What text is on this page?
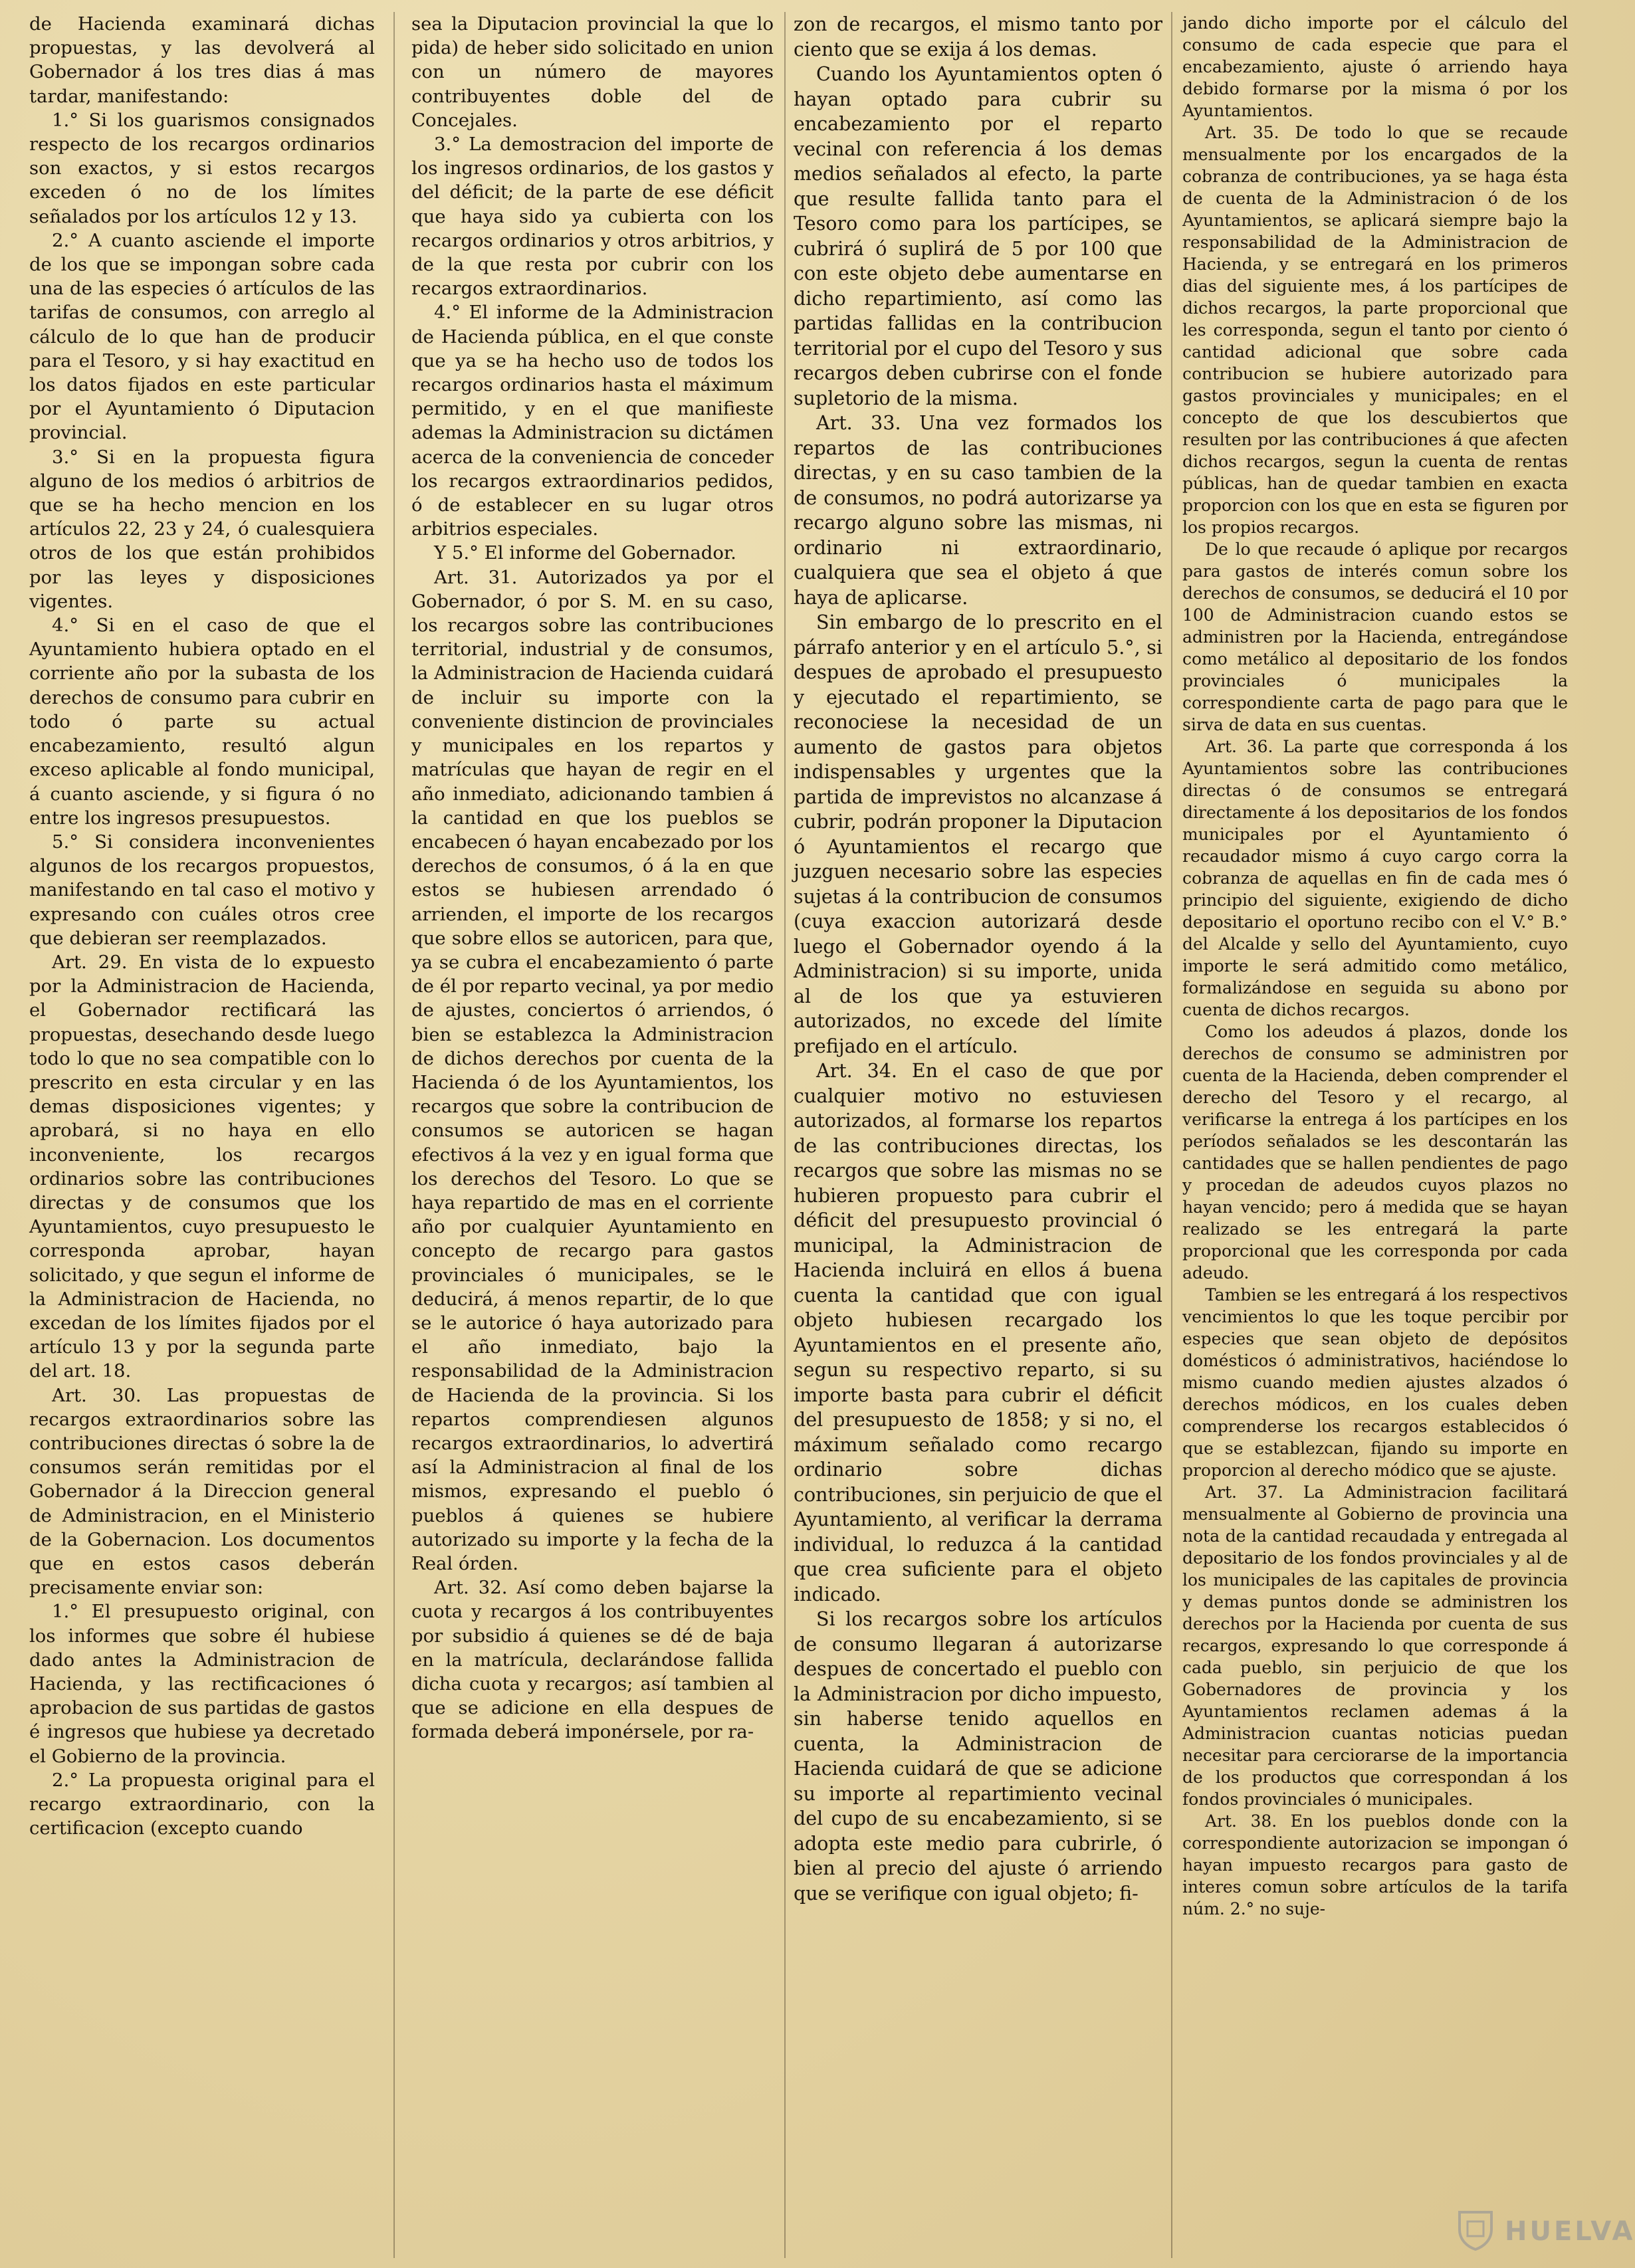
de Hacienda examinará dichas propuestas, y las devolverá al Gobernador á los tres dias á mas tardar, manifestando:

1.° Si los guarismos consignados respecto de los recargos ordinarios son exactos, y si estos recargos exceden ó no de los límites señalados por los artículos 12 y 13.

2.° A cuanto asciende el importe de los que se impongan sobre cada una de las especies ó artículos de las tarifas de consumos, con arreglo al cálculo de lo que han de producir para el Tesoro, y si hay exactitud en los datos fijados en este particular por el Ayuntamiento ó Diputacion provincial.

3.° Si en la propuesta figura alguno de los medios ó arbitrios de que se ha hecho mencion en los artículos 22, 23 y 24, ó cualesquiera otros de los que están prohibidos por las leyes y disposiciones vigentes.

4.° Si en el caso de que el Ayuntamiento hubiera optado en el corriente año por la subasta de los derechos de consumo para cubrir en todo ó parte su actual encabezamiento, resultó algun exceso aplicable al fondo municipal, á cuanto asciende, y si figura ó no entre los ingresos presupuestos.

5.° Si considera inconvenientes algunos de los recargos propuestos, manifestando en tal caso el motivo y expresando con cuáles otros cree que debieran ser reemplazados.

Art. 29. En vista de lo expuesto por la Administracion de Hacienda, el Gobernador rectificará las propuestas, desechando desde luego todo lo que no sea compatible con lo prescrito en esta circular y en las demas disposiciones vigentes; y aprobará, si no haya en ello inconveniente, los recargos ordinarios sobre las contribuciones directas y de consumos que los Ayuntamientos, cuyo presupuesto le corresponda aprobar, hayan solicitado, y que segun el informe de la Administracion de Hacienda, no excedan de los límites fijados por el artículo 13 y por la segunda parte del art. 18.

Art. 30. Las propuestas de recargos extraordinarios sobre las contribuciones directas ó sobre la de consumos serán remitidas por el Gobernador á la Direccion general de Administracion, en el Ministerio de la Gobernacion. Los documentos que en estos casos deberán precisamente enviar son:

1.° El presupuesto original, con los informes que sobre él hubiese dado antes la Administracion de Hacienda, y las rectificaciones ó aprobacion de sus partidas de gastos é ingresos que hubiese ya decretado el Gobierno de la provincia.

2.° La propuesta original para el recargo extraordinario, con la certificacion (excepto cuando

sea la Diputacion provincial la que lo pida) de heber sido solicitado en union con un número de mayores contribuyentes doble del de Concejales.

3.° La demostracion del importe de los ingresos ordinarios, de los gastos y del déficit; de la parte de ese déficit que haya sido ya cubierta con los recargos ordinarios y otros arbitrios, y de la que resta por cubrir con los recargos extraordinarios.

4.° El informe de la Administracion de Hacienda pública, en el que conste que ya se ha hecho uso de todos los recargos ordinarios hasta el máximum permitido, y en el que manifieste ademas la Administracion su dictámen acerca de la conveniencia de conceder los recargos extraordinarios pedidos, ó de establecer en su lugar otros arbitrios especiales.

Y 5.° El informe del Gobernador.

Art. 31. Autorizados ya por el Gobernador, ó por S. M. en su caso, los recargos sobre las contribuciones territorial, industrial y de consumos, la Administracion de Hacienda cuidará de incluir su importe con la conveniente distincion de provinciales y municipales en los repartos y matrículas que hayan de regir en el año inmediato, adicionando tambien á la cantidad en que los pueblos se encabecen ó hayan encabezado por los derechos de consumos, ó á la en que estos se hubiesen arrendado ó arrienden, el importe de los recargos que sobre ellos se autoricen, para que, ya se cubra el encabezamiento ó parte de él por reparto vecinal, ya por medio de ajustes, conciertos ó arriendos, ó bien se establezca la Administracion de dichos derechos por cuenta de la Hacienda ó de los Ayuntamientos, los recargos que sobre la contribucion de consumos se autoricen se hagan efectivos á la vez y en igual forma que los derechos del Tesoro. Lo que se haya repartido de mas en el corriente año por cualquier Ayuntamiento en concepto de recargo para gastos provinciales ó municipales, se le deducirá, á menos repartir, de lo que se le autorice ó haya autorizado para el año inmediato, bajo la responsabilidad de la Administracion de Hacienda de la provincia. Si los repartos comprendiesen algunos recargos extraordinarios, lo advertirá así la Administracion al final de los mismos, expresando el pueblo ó pueblos á quienes se hubiere autorizado su importe y la fecha de la Real órden.

Art. 32. Así como deben bajarse la cuota y recargos á los contribuyentes por subsidio á quienes se dé de baja en la matrícula, declarándose fallida dicha cuota y recargos; así tambien al que se adicione en ella despues de formada deberá imponérsele, por ra-

zon de recargos, el mismo tanto por ciento que se exija á los demas.

Cuando los Ayuntamientos opten ó hayan optado para cubrir su encabezamiento por el reparto vecinal con referencia á los demas medios señalados al efecto, la parte que resulte fallida tanto para el Tesoro como para los partícipes, se cubrirá ó suplirá de 5 por 100 que con este objeto debe aumentarse en dicho repartimiento, así como las partidas fallidas en la contribucion territorial por el cupo del Tesoro y sus recargos deben cubrirse con el fonde supletorio de la misma.

Art. 33. Una vez formados los repartos de las contribuciones directas, y en su caso tambien de la de consumos, no podrá autorizarse ya recargo alguno sobre las mismas, ni ordinario ni extraordinario, cualquiera que sea el objeto á que haya de aplicarse.

Sin embargo de lo prescrito en el párrafo anterior y en el artículo 5.°, si despues de aprobado el presupuesto y ejecutado el repartimiento, se reconociese la necesidad de un aumento de gastos para objetos indispensables y urgentes que la partida de imprevistos no alcanzase á cubrir, podrán proponer la Diputacion ó Ayuntamientos el recargo que juzguen necesario sobre las especies sujetas á la contribucion de consumos (cuya exaccion autorizará desde luego el Gobernador oyendo á la Administracion) si su importe, unida al de los que ya estuvieren autorizados, no excede del límite prefijado en el artículo.

Art. 34. En el caso de que por cualquier motivo no estuviesen autorizados, al formarse los repartos de las contribuciones directas, los recargos que sobre las mismas no se hubieren propuesto para cubrir el déficit del presupuesto provincial ó municipal, la Administracion de Hacienda incluirá en ellos á buena cuenta la cantidad que con igual objeto hubiesen recargado los Ayuntamientos en el presente año, segun su respectivo reparto, si su importe basta para cubrir el déficit del presupuesto de 1858; y si no, el máximum señalado como recargo ordinario sobre dichas contribuciones, sin perjuicio de que el Ayuntamiento, al verificar la derrama individual, lo reduzca á la cantidad que crea suficiente para el objeto indicado.

Si los recargos sobre los artículos de consumo llegaran á autorizarse despues de concertado el pueblo con la Administracion por dicho impuesto, sin haberse tenido aquellos en cuenta, la Administracion de Hacienda cuidará de que se adicione su importe al repartimiento vecinal del cupo de su encabezamiento, si se adopta este medio para cubrirle, ó bien al precio del ajuste ó arriendo que se verifique con igual objeto; fi-

jando dicho importe por el cálculo del consumo de cada especie que para el encabezamiento, ajuste ó arriendo haya debido formarse por la misma ó por los Ayuntamientos.

Art. 35. De todo lo que se recaude mensualmente por los encargados de la cobranza de contribuciones, ya se haga ésta de cuenta de la Administracion ó de los Ayuntamientos, se aplicará siempre bajo la responsabilidad de la Administracion de Hacienda, y se entregará en los primeros dias del siguiente mes, á los partícipes de dichos recargos, la parte proporcional que les corresponda, segun el tanto por ciento ó cantidad adicional que sobre cada contribucion se hubiere autorizado para gastos provinciales y municipales; en el concepto de que los descubiertos que resulten por las contribuciones á que afecten dichos recargos, segun la cuenta de rentas públicas, han de quedar tambien en exacta proporcion con los que en esta se figuren por los propios recargos.

De lo que recaude ó aplique por recargos para gastos de interés comun sobre los derechos de consumos, se deducirá el 10 por 100 de Administracion cuando estos se administren por la Hacienda, entregándose como metálico al depositario de los fondos provinciales ó municipales la correspondiente carta de pago para que le sirva de data en sus cuentas.

Art. 36. La parte que corresponda á los Ayuntamientos sobre las contribuciones directas ó de consumos se entregará directamente á los depositarios de los fondos municipales por el Ayuntamiento ó recaudador mismo á cuyo cargo corra la cobranza de aquellas en fin de cada mes ó principio del siguiente, exigiendo de dicho depositario el oportuno recibo con el V.° B.° del Alcalde y sello del Ayuntamiento, cuyo importe le será admitido como metálico, formalizándose en seguida su abono por cuenta de dichos recargos.

Como los adeudos á plazos, donde los derechos de consumo se administren por cuenta de la Hacienda, deben comprender el derecho del Tesoro y el recargo, al verificarse la entrega á los partícipes en los períodos señalados se les descontarán las cantidades que se hallen pendientes de pago y procedan de adeudos cuyos plazos no hayan vencido; pero á medida que se hayan realizado se les entregará la parte proporcional que les corresponda por cada adeudo.

Tambien se les entregará á los respectivos vencimientos lo que les toque percibir por especies que sean objeto de depósitos domésticos ó administrativos, haciéndose lo mismo cuando medien ajustes alzados ó derechos módicos, en los cuales deben comprenderse los recargos establecidos ó que se establezcan, fijando su importe en proporcion al derecho módico que se ajuste.

Art. 37. La Administracion facilitará mensualmente al Gobierno de provincia una nota de la cantidad recaudada y entregada al depositario de los fondos provinciales y al de los municipales de las capitales de provincia y demas puntos donde se administren los derechos por la Hacienda por cuenta de sus recargos, expresando lo que corresponde á cada pueblo, sin perjuicio de que los Gobernadores de provincia y los Ayuntamientos reclamen ademas á la Administracion cuantas noticias puedan necesitar para cerciorarse de la importancia de los productos que correspondan á los fondos provinciales ó municipales.

Art. 38. En los pueblos donde con la correspondiente autorizacion se impongan ó hayan impuesto recargos para gasto de interes comun sobre artículos de la tarifa núm. 2.° no suje-

HUELVA
